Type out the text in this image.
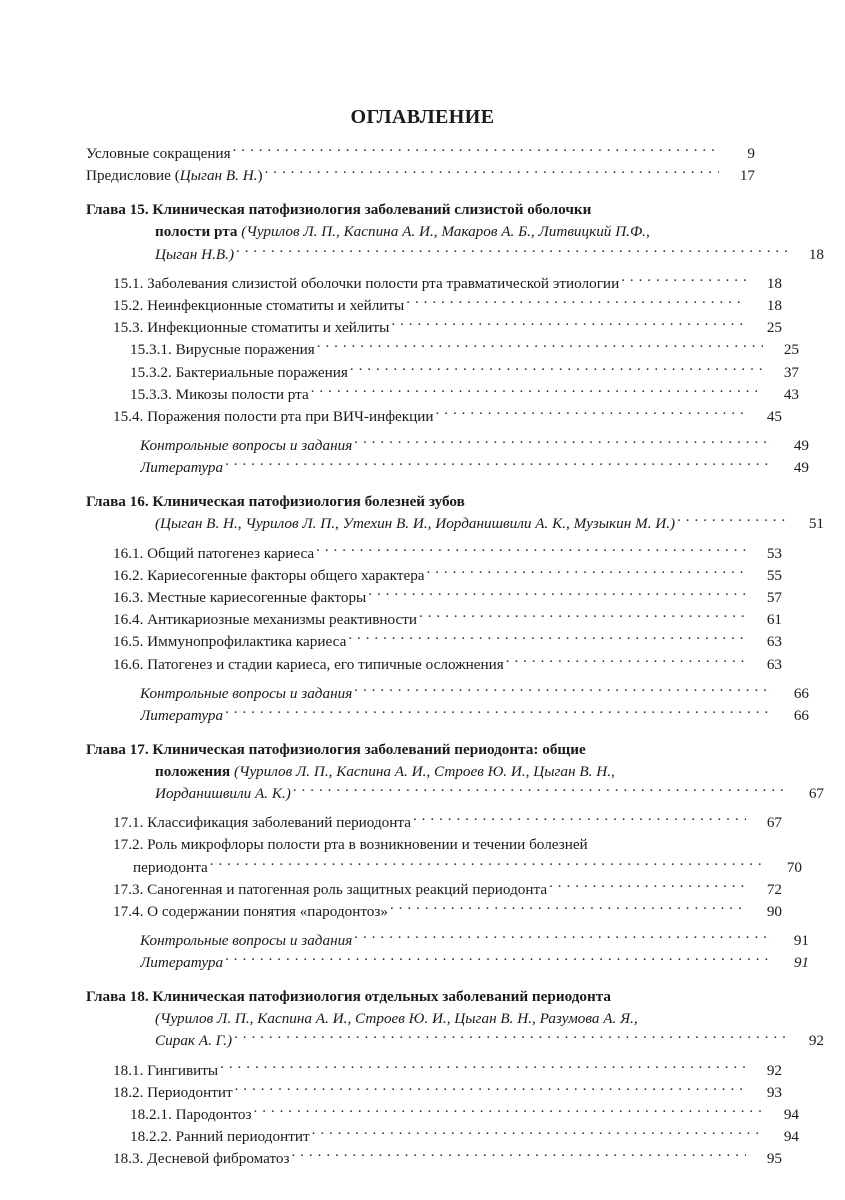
ОГЛАВЛЕНИЕ
Условные сокращения . . .	9
Предисловие (Цыган В. Н.) . . .	17
Глава 15. Клиническая патофизиология заболеваний слизистой оболочки
полости рта (Чурилов Л. П., Каспина А. И., Макаров А. Б., Литвицкий П.Ф.,
Цыган Н.В.) . . .	18
15.1. Заболевания слизистой оболочки полости рта травматической этиологии . . .	18
15.2. Неинфекционные стоматиты и хейлиты . . .	18
15.3. Инфекционные стоматиты и хейлиты . . .	25
15.3.1. Вирусные поражения . . .	25
15.3.2. Бактериальные поражения . . .	37
15.3.3. Микозы полости рта . . .	43
15.4. Поражения полости рта при ВИЧ-инфекции . . .	45
Контрольные вопросы и задания . . .	49
Литература . . .	49
Глава 16. Клиническая патофизиология болезней зубов
(Цыган В. Н., Чурилов Л. П., Утехин В. И., Иорданишвили А. К., Музыкин М. И.) . . .	51
16.1. Общий патогенез кариеса . . .	53
16.2. Кариесогенные факторы общего характера . . .	55
16.3. Местные кариесогенные факторы . . .	57
16.4. Антикариозные механизмы реактивности . . .	61
16.5. Иммунопрофилактика кариеса . . .	63
16.6. Патогенез и стадии кариеса, его типичные осложнения . . .	63
Контрольные вопросы и задания . . .	66
Литература . . .	66
Глава 17. Клиническая патофизиология заболеваний периодонта: общие
положения (Чурилов Л. П., Каспина А. И., Строев Ю. И., Цыган В. Н.,
Иорданишвили А. К.) . . .	67
17.1. Классификация заболеваний периодонта . . .	67
17.2. Роль микрофлоры полости рта в возникновении и течении болезней
периодонта . . .	70
17.3. Саногенная и патогенная роль защитных реакций периодонта . . .	72
17.4. О содержании понятия «пародонтоз» . . .	90
Контрольные вопросы и задания . . .	91
Литература . . .	91
Глава 18. Клиническая патофизиология отдельных заболеваний периодонта
(Чурилов Л. П., Каспина А. И., Строев Ю. И., Цыган В. Н., Разумова А. Я.,
Сирак А. Г.) . . .	92
18.1. Гингивиты . . .	92
18.2. Периодонтит . . .	93
18.2.1. Пародонтоз . . .	94
18.2.2. Ранний периодонтит . . .	94
18.3. Десневой фиброматоз . . .	95
